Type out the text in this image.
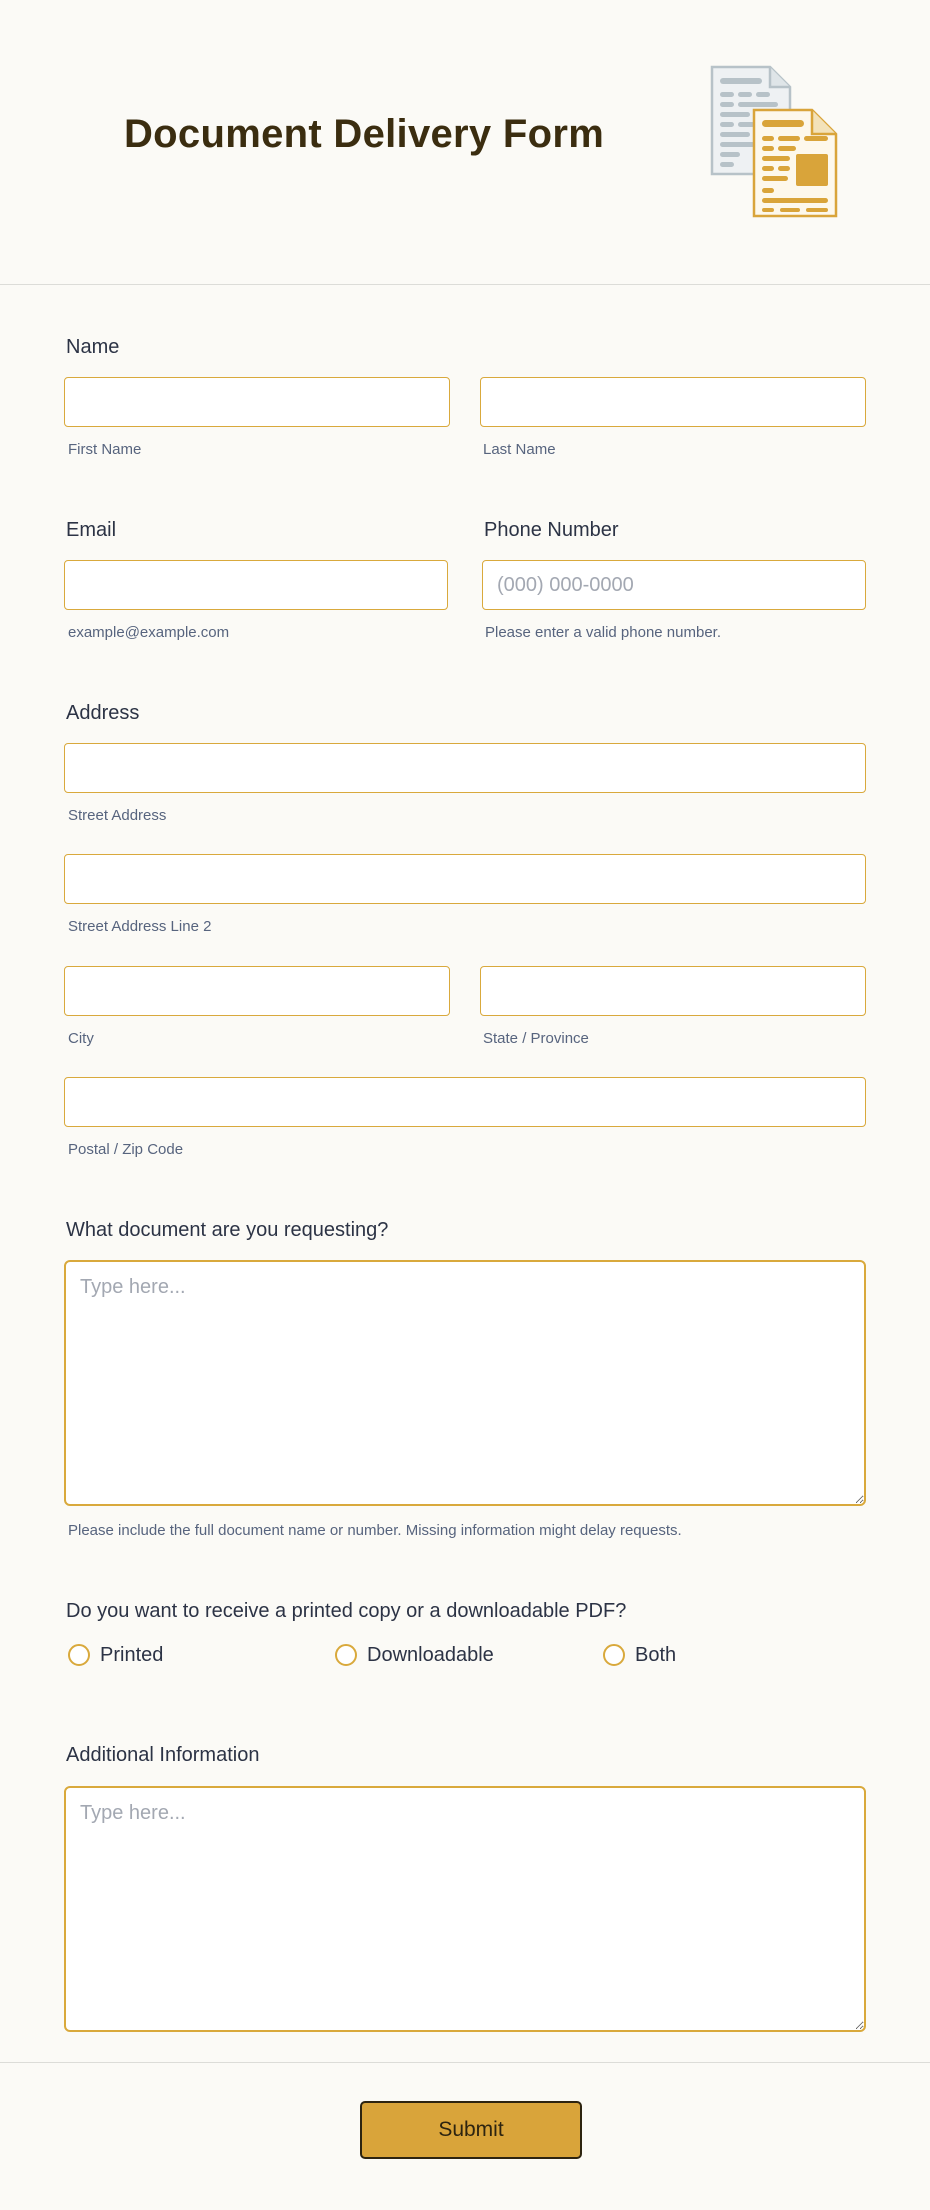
Document Delivery Form
Name
First Name	Last Name
Email	Phone Number
(000) 000-0000
example@example.com	Please enter a valid phone number.
Address
Street Address
Street Address Line 2
City	State / Province
Postal / Zip Code
What document are you requesting?
Type here...
Please include the full document name or number. Missing information might delay requests.
Do you want to receive a printed copy or a downloadable PDF?
Printed	Downloadable	Both
Additional Information
Type here...
Submit
